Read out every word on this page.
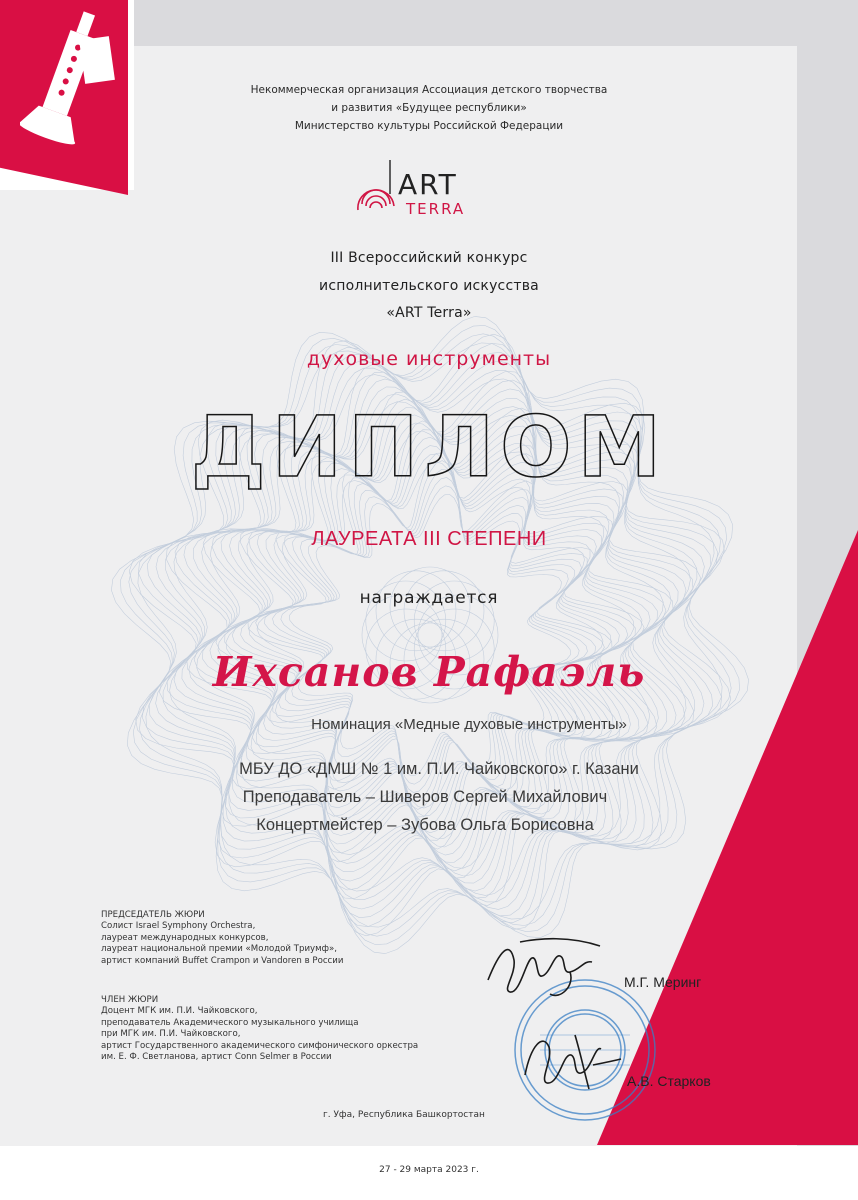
Некоммерческая организация Ассоциация детского творчества
и развития «Будущее республики»
Министерство культуры Российской Федерации
ART
TERRA
III Всероссийский конкурс
исполнительского искусства
«ART Terra»
духовые инструменты
ДИПЛОМ
ЛАУРЕАТА III СТЕПЕНИ
награждается
Ихсанов Рафаэль
Номинация «Медные духовые инструменты»
МБУ ДО «ДМШ № 1 им. П.И. Чайковского» г. Казани
Преподаватель – Шиверов Сергей Михайлович
Концертмейстер – Зубова Ольга Борисовна
ПРЕДСЕДАТЕЛЬ ЖЮРИ
Солист Israel Symphony Orchestra,
лауреат международных конкурсов,
лауреат национальной премии «Молодой Триумф»,
артист компаний Buffet Crampon и Vandoren в России
ЧЛЕН ЖЮРИ
Доцент МГК им. П.И. Чайковского,
преподаватель Академического музыкального училища
при МГК им. П.И. Чайковского,
артист Государственного академического симфонического оркестра
им. Е. Ф. Светланова, артист Conn Selmer в России
М.Г. Меринг
А.В. Старков
г. Уфа, Республика Башкортостан
27 - 29 марта 2023 г.
